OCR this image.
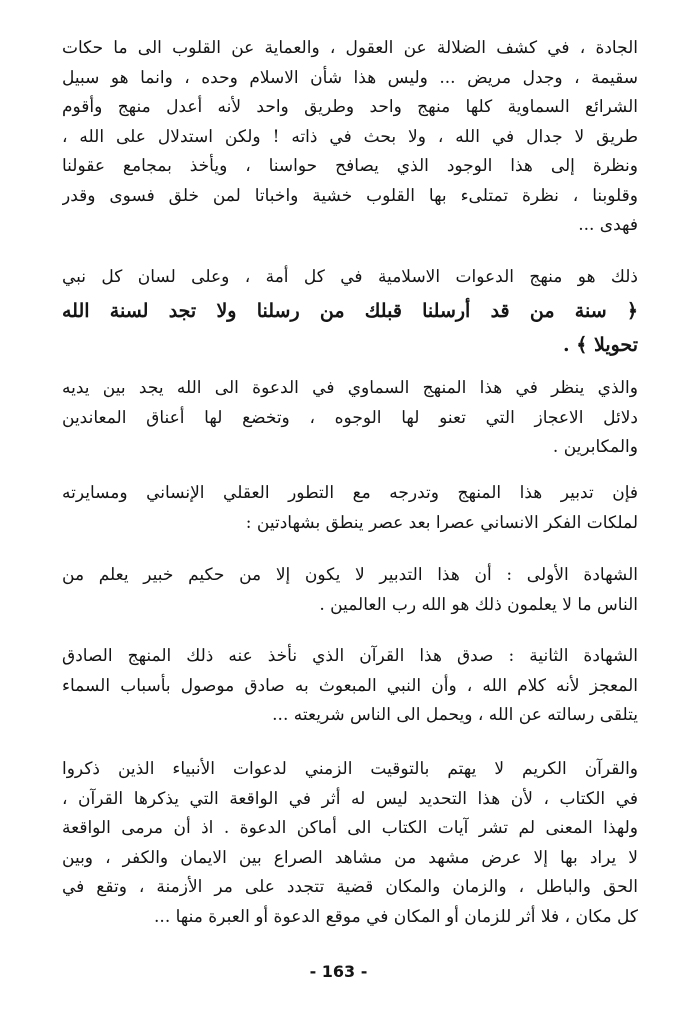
الجادة ، في كشف الضلالة عن العقول ، والعماية عن القلوب الى ما حكات
سقيمة ، وجدل مريض ... وليس هذا شأن الاسلام وحده ، وانما هو سبيل
الشرائع السماوية كلها منهج واحد وطريق واحد لأنه أعدل منهج وأقوم
طريق لا جدال في الله ، ولا بحث في ذاته ! ولكن استدلال على الله ،
ونظرة إلى هذا الوجود الذي يصافح حواسنا ، ويأخذ بمجامع عقولنا
وقلوبنا ، نظرة تمتلىء بها القلوب خشية واخباتا لمن خلق فسوى وقدر
فهدى ...
ذلك هو منهج الدعوات الاسلامية في كل أمة ، وعلى لسان كل نبي
﴿ سنة من قد أرسلنا قبلك من رسلنا ولا تجد لسنة الله
تحويلا ﴾ .
والذي ينظر في هذا المنهج السماوي في الدعوة الى الله يجد بين يديه
دلائل الاعجاز التي تعنو لها الوجوه ، وتخضع لها أعناق المعاندين
والمكابرين .
فإن تدبير هذا المنهج وتدرجه مع التطور العقلي الإنساني ومسايرته
لملكات الفكر الانساني عصرا بعد عصر ينطق بشهادتين :
الشهادة الأولى : أن هذا التدبير لا يكون إلا من حكيم خبير يعلم من
الناس ما لا يعلمون ذلك هو الله رب العالمين .
الشهادة الثانية : صدق هذا القرآن الذي نأخذ عنه ذلك المنهج الصادق
المعجز لأنه كلام الله ، وأن النبي المبعوث به صادق موصول بأسباب السماء
يتلقى رسالته عن الله ، ويحمل الى الناس شريعته ...
والقرآن الكريم لا يهتم بالتوقيت الزمني لدعوات الأنبياء الذين ذكروا
في الكتاب ، لأن هذا التحديد ليس له أثر في الواقعة التي يذكرها القرآن ،
ولهذا المعنى لم تشر آيات الكتاب الى أماكن الدعوة . اذ أن مرمى الواقعة
لا يراد بها إلا عرض مشهد من مشاهد الصراع بين الايمان والكفر ، وبين
الحق والباطل ، والزمان والمكان قضية تتجدد على مر الأزمنة ، وتقع في
كل مكان ، فلا أثر للزمان أو المكان في موقع الدعوة أو العبرة منها ...
- 163 -
